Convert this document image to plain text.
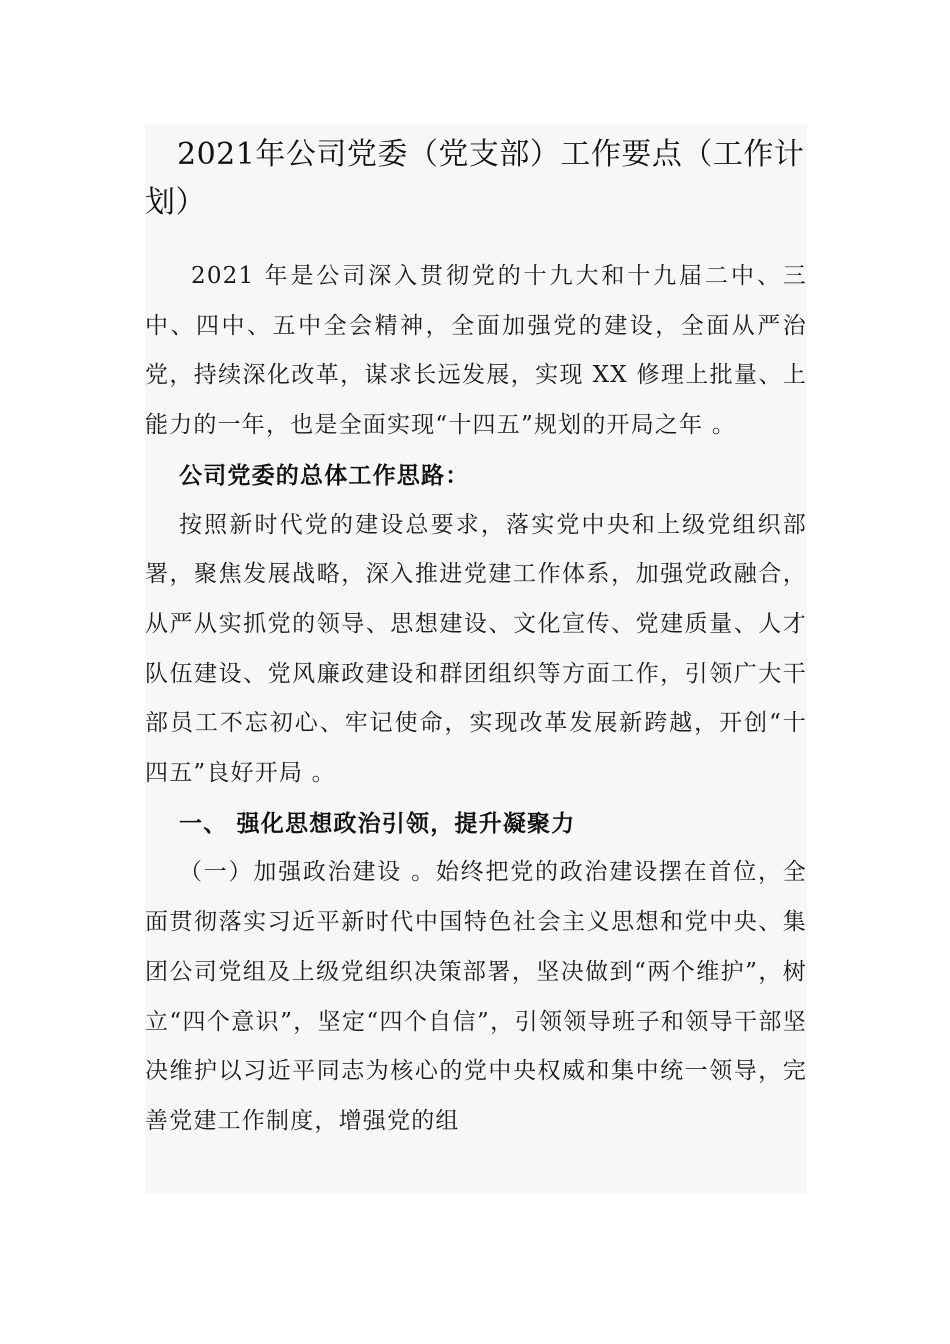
2021年公司党委（党支部）工作要点（工作计划）

2021 年是公司深入贯彻党的十九大和十九届二中、三中、四中、五中全会精神，全面加强党的建设，全面从严治党，持续深化改革，谋求长远发展，实现 XX 修理上批量、上能力的一年，也是全面实现“十四五”规划的开局之年 。

公司党委的总体工作思路：

按照新时代党的建设总要求，落实党中央和上级党组织部署，聚焦发展战略，深入推进党建工作体系，加强党政融合，从严从实抓党的领导、思想建设、文化宣传、党建质量、人才队伍建设、党风廉政建设和群团组织等方面工作，引领广大干部员工不忘初心、牢记使命，实现改革发展新跨越，开创“十四五”良好开局 。

一、 强化思想政治引领，提升凝聚力

（一）加强政治建设 。始终把党的政治建设摆在首位，全面贯彻落实习近平新时代中国特色社会主义思想和党中央、集团公司党组及上级党组织决策部署，坚决做到“两个维护”，树立“四个意识”，坚定“四个自信”，引领领导班子和领导干部坚决维护以习近平同志为核心的党中央权威和集中统一领导，完善党建工作制度，增强党的组
